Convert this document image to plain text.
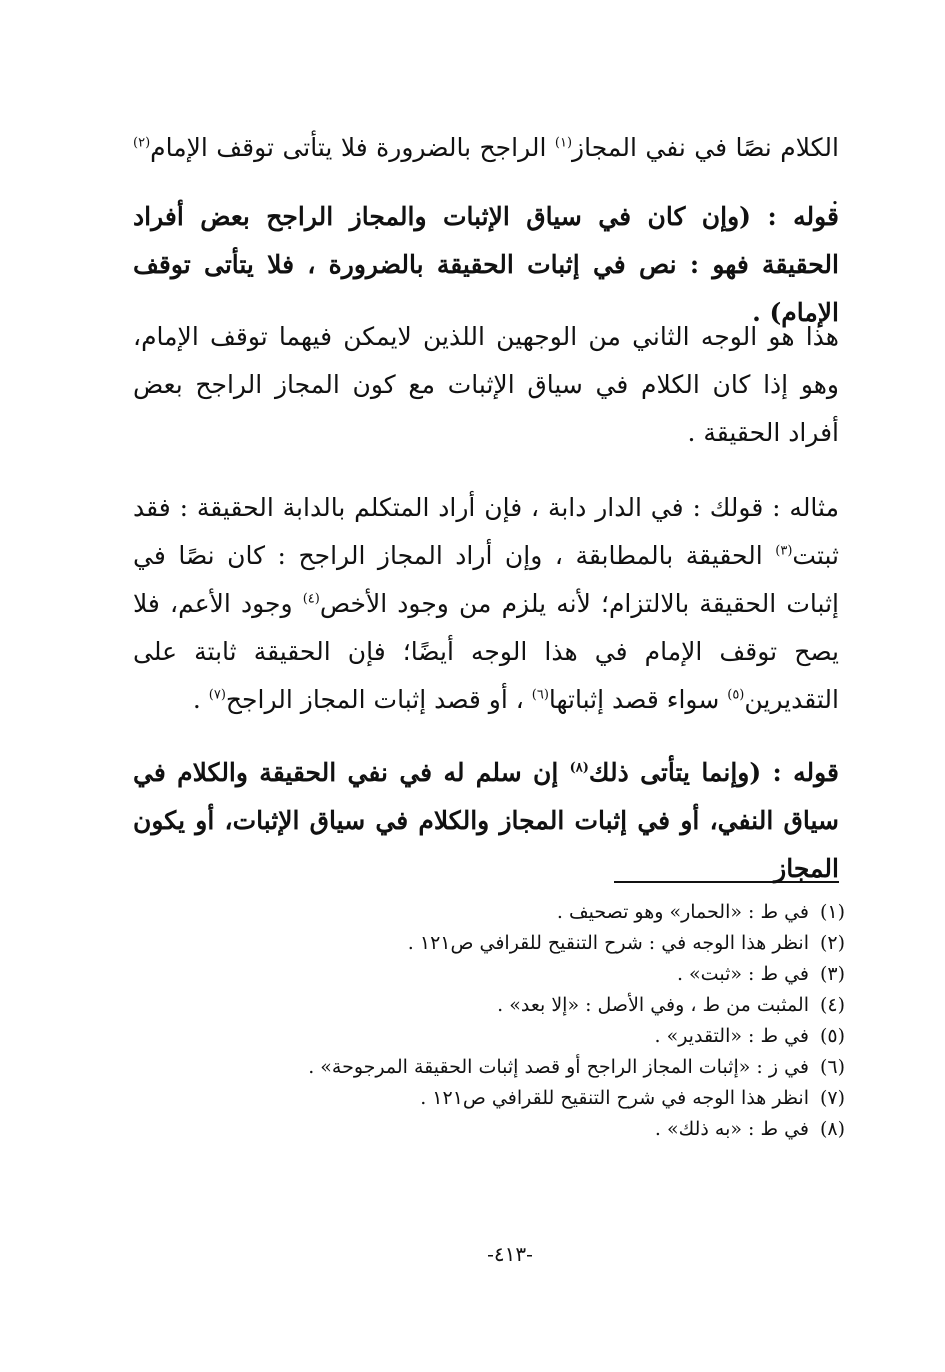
الكلام نصًا في نفي المجاز$^{(١)}$ الراجح بالضرورة فلا يتأتى توقف الإمام$^{(٢)}$ .

قوله : (وإن كان في سياق الإثبات والمجاز الراجح بعض أفراد الحقيقة فهو : نص في إثبات الحقيقة بالضرورة ، فلا يتأتى توقف الإمام) .

هذا هو الوجه الثاني من الوجهين اللذين لايمكن فيهما توقف الإمام، وهو إذا كان الكلام في سياق الإثبات مع كون المجاز الراجح بعض أفراد الحقيقة .

مثاله : قولك : في الدار دابة ، فإن أراد المتكلم بالدابة الحقيقة : فقد ثبتت$^{(٣)}$ الحقيقة بالمطابقة ، وإن أراد المجاز الراجح : كان نصًا في إثبات الحقيقة بالالتزام؛ لأنه يلزم من وجود الأخص$^{(٤)}$ وجود الأعم، فلا يصح توقف الإمام في هذا الوجه أيضًا؛ فإن الحقيقة ثابتة على التقديرين$^{(٥)}$ سواء قصد إثباتها$^{(٦)}$ ، أو قصد إثبات المجاز الراجح$^{(٧)}$ .

قوله : (وإنما يتأتى ذلك$^{(٨)}$ إن سلم له في نفي الحقيقة والكلام في سياق النفي، أو في إثبات المجاز والكلام في سياق الإثبات، أو يكون المجاز

(١)
في ط : «الحمار» وهو تصحيف .
(٢)
انظر هذا الوجه في : شرح التنقيح للقرافي ص١٢١ .
(٣)
في ط : «ثبت» .
(٤)
المثبت من ط ، وفي الأصل : «إلا بعد» .
(٥)
في ط : «التقدير» .
(٦)
في ز : «إثبات المجاز الراجح أو قصد إثبات الحقيقة المرجوحة» .
(٧)
انظر هذا الوجه في شرح التنقيح للقرافي ص١٢١ .
(٨)
في ط : «به ذلك» .
-٤١٣-
